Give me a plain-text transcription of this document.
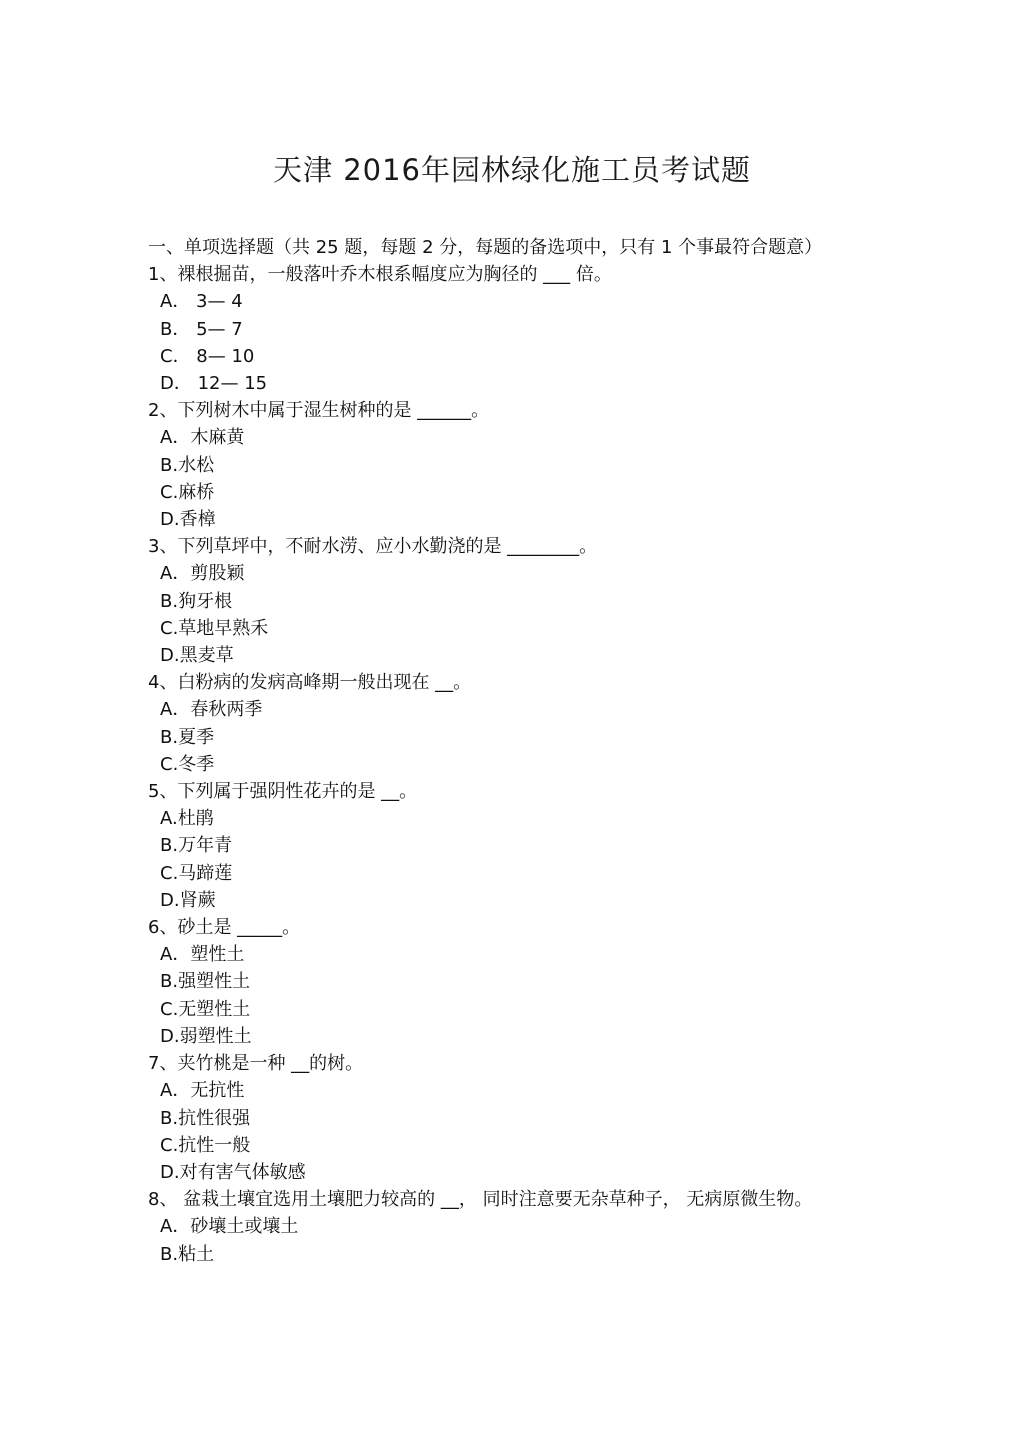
天津 2016年园林绿化施工员考试题

一、单项选择题（共 25 题，每题 2 分，每题的备选项中，只有 1 个事最符合题意）

1、裸根掘苗，一般落叶乔木根系幅度应为胸径的 ___ 倍。

A． 3— 4
B． 5— 7
C． 8— 10
D． 12— 15

2、下列树木中属于湿生树种的是 ______。

A．木麻黄
B.水松
C.麻桥
D.香樟

3、下列草坪中，不耐水涝、应小水勤浇的是 ________。

A．剪股颖
B.狗牙根
C.草地早熟禾
D.黑麦草

4、白粉病的发病高峰期一般出现在 __。

A．春秋两季
B.夏季
C.冬季

5、下列属于强阴性花卉的是 __。

A.杜鹃
B.万年青
C.马蹄莲
D.肾蕨

6、砂土是 _____。

A．塑性土
B.强塑性土
C.无塑性土
D.弱塑性土

7、夹竹桃是一种 __的树。

A．无抗性
B.抗性很强
C.抗性一般
D.对有害气体敏感

8、 盆栽土壤宜选用土壤肥力较高的 __， 同时注意要无杂草种子， 无病原微生物。

A．砂壤土或壤土
B.粘土
